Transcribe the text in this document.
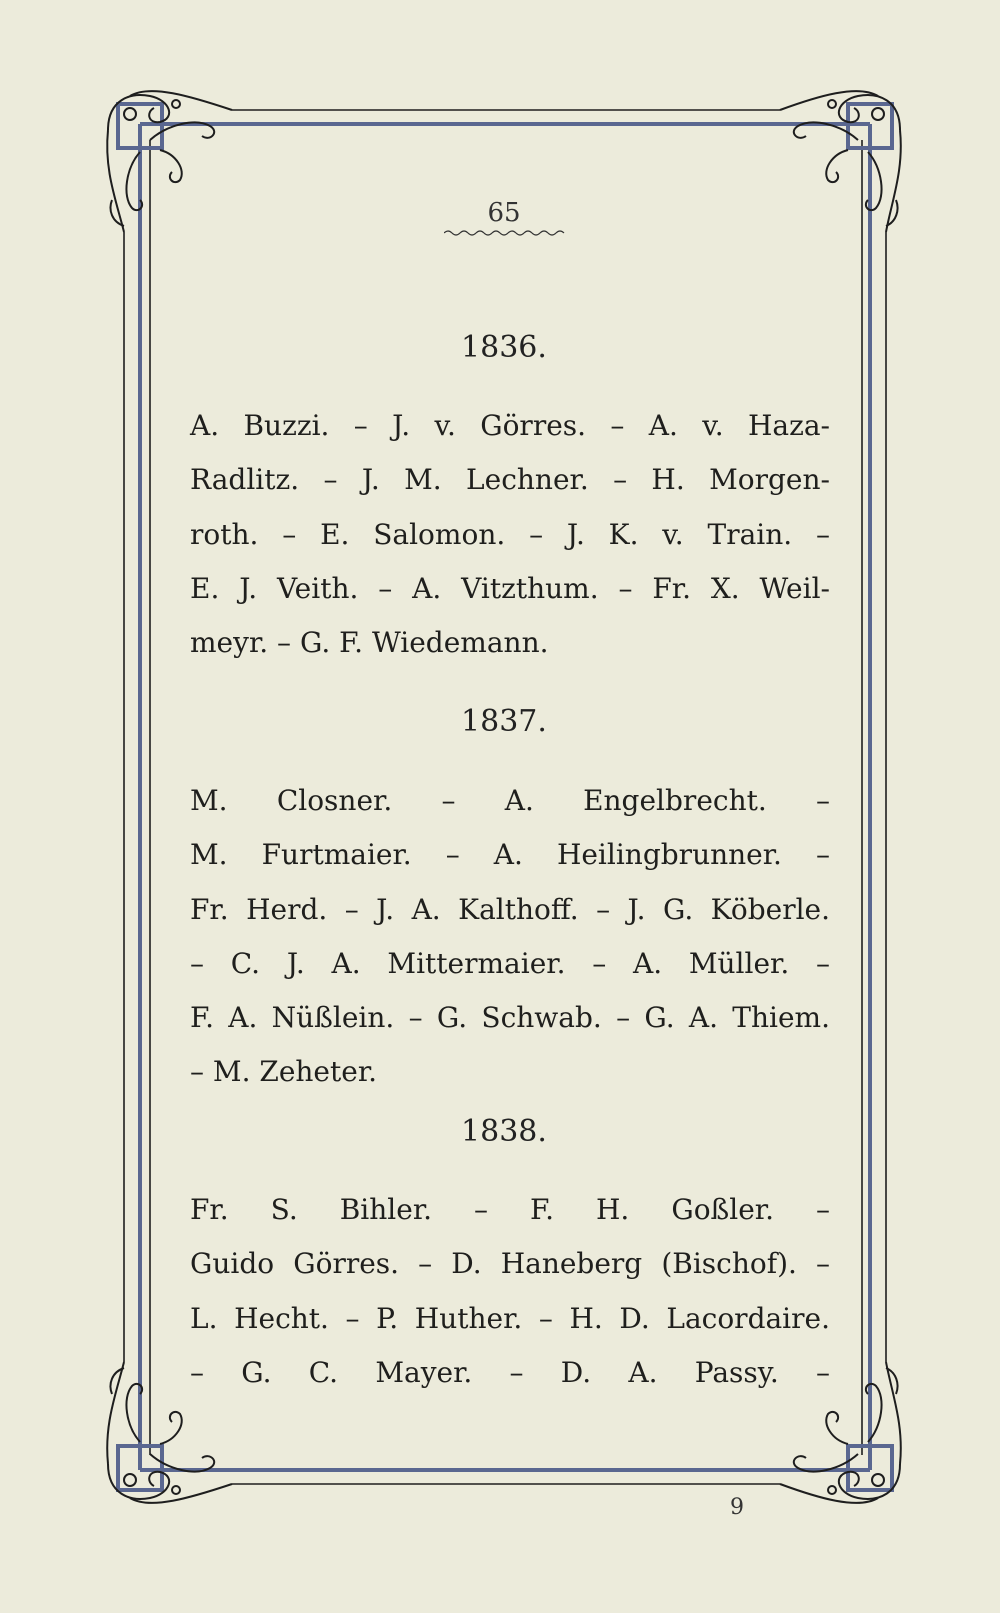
65
1836.
A. Buzzi. – J. v. Görres. – A. v. Haza-
Radlitz. – J. M. Lechner. – H. Morgen-
roth. – E. Salomon. – J. K. v. Train. –
E. J. Veith. – A. Vitzthum. – Fr. X. Weil-
meyr. – G. F. Wiedemann.
1837.
M. Closner. – A. Engelbrecht. –
M. Furtmaier. – A. Heilingbrunner. –
Fr. Herd. – J. A. Kalthoff. – J. G. Köberle.
– C. J. A. Mittermaier. – A. Müller. –
F. A. Nüßlein. – G. Schwab. – G. A. Thiem.
– M. Zeheter.
1838.
Fr. S. Bihler. – F. H. Goßler. –
Guido Görres. – D. Haneberg (Bischof). –
L. Hecht. – P. Huther. – H. D. Lacordaire.
– G. C. Mayer. – D. A. Passy. –
9
